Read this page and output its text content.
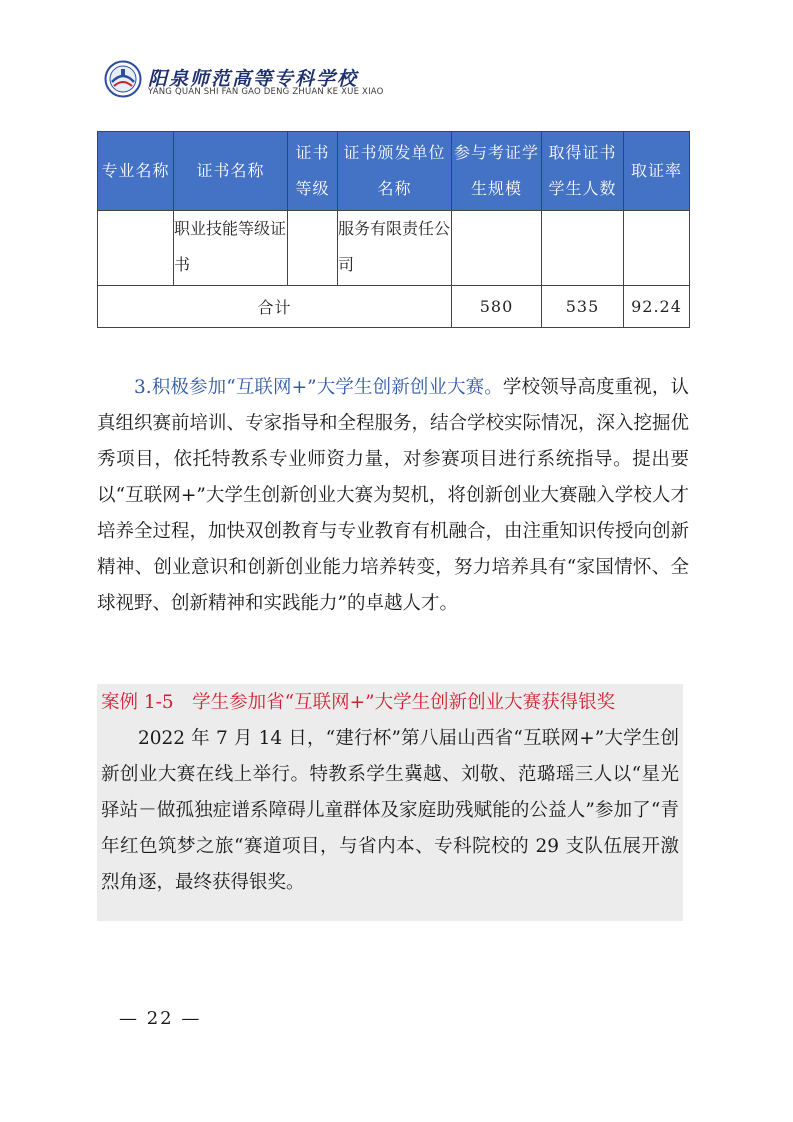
阳泉师范高等专科学校
YANG QUAN SHI FAN GAO DENG ZHUAN KE XUE XIAO
专业名称	证书名称	证书等级	证书颁发单位名称	参与考证学生规模	取得证书学生人数	取证率
	职业技能等级证书		服务有限责任公司			
合计				580	535	92.24
3.积极参加“互联网+”大学生创新创业大赛。学校领导高度重视，认真组织赛前培训、专家指导和全程服务，结合学校实际情况，深入挖掘优秀项目，依托特教系专业师资力量，对参赛项目进行系统指导。提出要以“互联网+”大学生创新创业大赛为契机，将创新创业大赛融入学校人才培养全过程，加快双创教育与专业教育有机融合，由注重知识传授向创新精神、创业意识和创新创业能力培养转变，努力培养具有“家国情怀、全球视野、创新精神和实践能力”的卓越人才。
案例 1-5　学生参加省“互联网+”大学生创新创业大赛获得银奖
2022 年 7 月 14 日，“建行杯”第八届山西省“互联网+”大学生创新创业大赛在线上举行。特教系学生冀越、刘敬、范璐瑶三人以“星光驿站－做孤独症谱系障碍儿童群体及家庭助残赋能的公益人”参加了“青年红色筑梦之旅“赛道项目，与省内本、专科院校的 29 支队伍展开激烈角逐，最终获得银奖。
— 22 —
